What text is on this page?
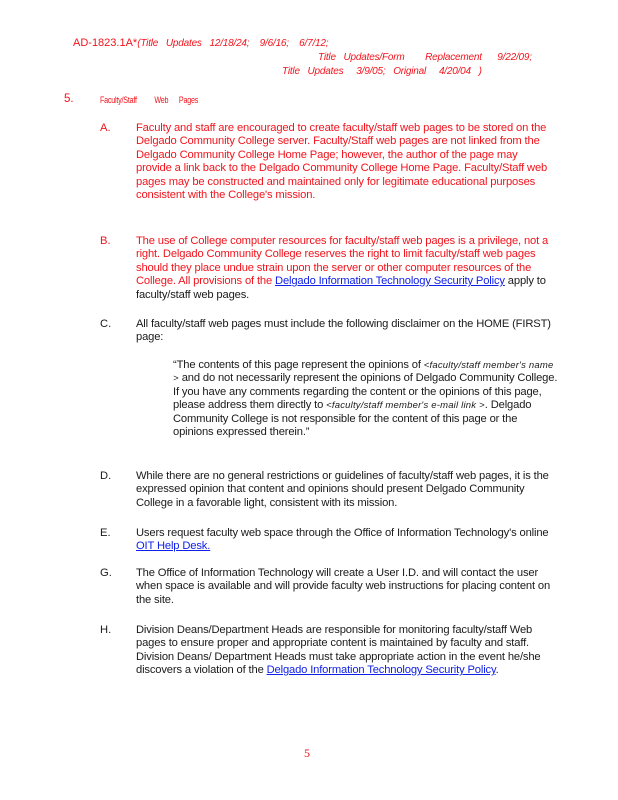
AD-1823.1A*(Title   Updates   12/18/24;    9/6/16;    6/7/12;
Title   Updates/Form        Replacement      9/22/09;
Title   Updates     3/9/05;   Original     4/20/04   )
5.	Faculty/Staff          Web      Pages
A. Faculty and staff are encouraged to create faculty/staff web pages to be stored on the Delgado Community College server. Faculty/Staff web pages are not linked from the Delgado Community College Home Page; however, the author of the page may provide a link back to the Delgado Community College Home Page. Faculty/Staff web pages may be constructed and maintained only for legitimate educational purposes consistent with the College's mission.
B. The use of College computer resources for faculty/staff web pages is a privilege, not a right. Delgado Community College reserves the right to limit faculty/staff web pages should they place undue strain upon the server or other computer resources of the College. All provisions of the Delgado Information Technology Security Policy apply to faculty/staff web pages.
C. All faculty/staff web pages must include the following disclaimer on the HOME (FIRST) page:
“The contents of this page represent the opinions of <faculty/staff member's name > and do not necessarily represent the opinions of Delgado Community College. If you have any comments regarding the content or the opinions of this page, please address them directly to <faculty/staff member's e-mail link >. Delgado Community College is not responsible for the content of this page or the opinions expressed therein.”
D. While there are no general restrictions or guidelines of faculty/staff web pages, it is the expressed opinion that content and opinions should present Delgado Community College in a favorable light, consistent with its mission.
E. Users request faculty web space through the Office of Information Technology's online OIT Help Desk.
G. The Office of Information Technology will create a User I.D. and will contact the user when space is available and will provide faculty web instructions for placing content on the site.
H. Division Deans/Department Heads are responsible for monitoring faculty/staff Web pages to ensure proper and appropriate content is maintained by faculty and staff. Division Deans/ Department Heads must take appropriate action in the event he/she discovers a violation of the Delgado Information Technology Security Policy.
5
